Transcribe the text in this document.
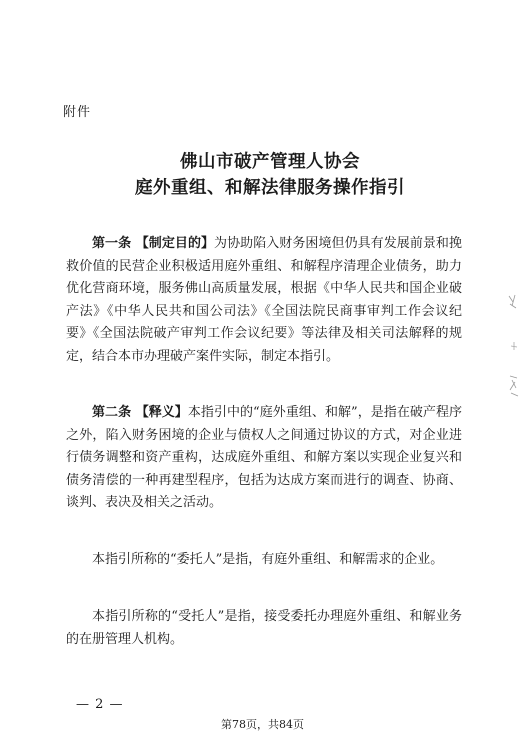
附件
佛山市破产管理人协会
庭外重组、和解法律服务操作指引
第一条 【制定目的】为协助陷入财务困境但仍具有发展前景和挽救价值的民营企业积极适用庭外重组、和解程序清理企业债务，助力优化营商环境，服务佛山高质量发展，根据《中华人民共和国企业破产法》《中华人民共和国公司法》《全国法院民商事审判工作会议纪要》《全国法院破产审判工作会议纪要》等法律及相关司法解释的规定，结合本市办理破产案件实际，制定本指引。
第二条 【释义】本指引中的“庭外重组、和解”，是指在破产程序之外，陷入财务困境的企业与债权人之间通过协议的方式，对企业进行债务调整和资产重构，达成庭外重组、和解方案以实现企业复兴和债务清偿的一种再建型程序，包括为达成方案而进行的调查、协商、谈判、表决及相关之活动。
本指引所称的“委托人”是指，有庭外重组、和解需求的企业。
本指引所称的“受托人”是指，接受委托办理庭外重组、和解业务的在册管理人机构。
— 2 —
第78页，共84页
